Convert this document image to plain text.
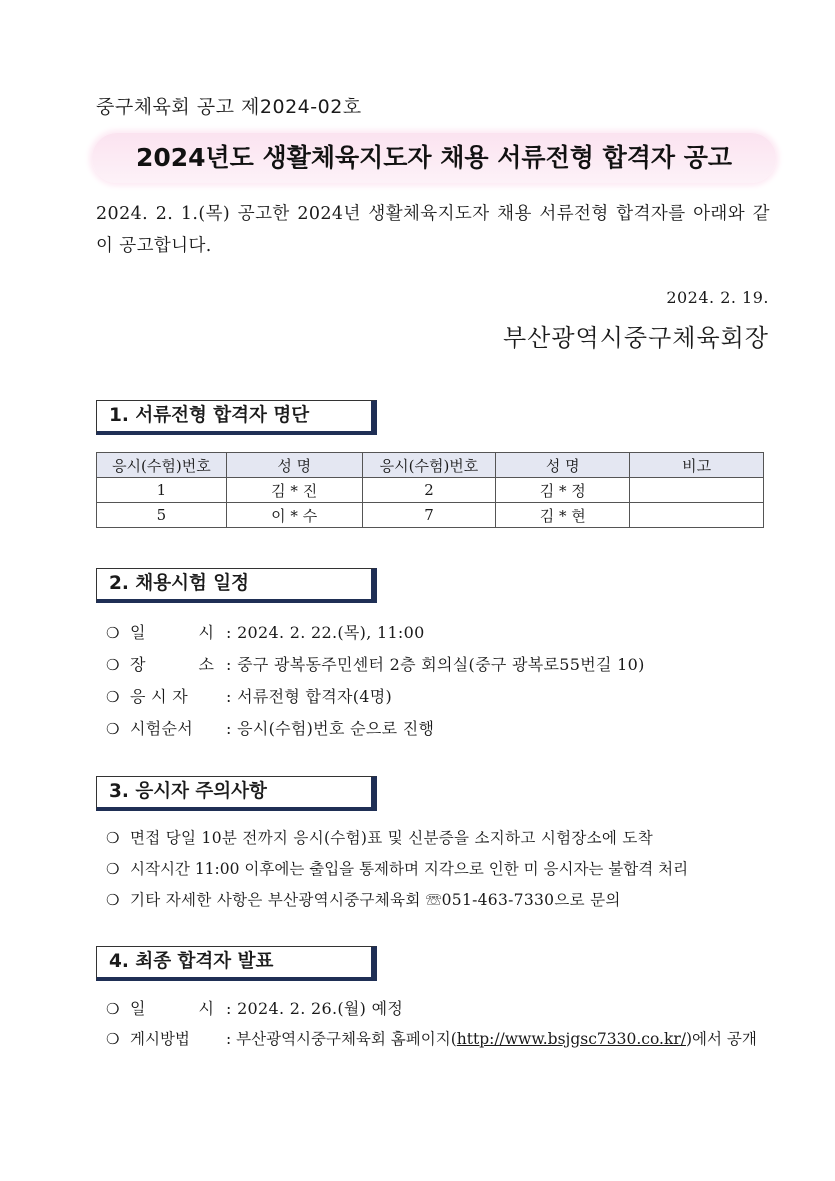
중구체육회 공고 제2024-02호
2024년도 생활체육지도자 채용 서류전형 합격자 공고
2024. 2. 1.(목) 공고한 2024년 생활체육지도자 채용 서류전형 합격자를 아래와 같이 공고합니다.
2024. 2. 19.
부산광역시중구체육회장
1. 서류전형 합격자 명단
응시(수험)번호	성 명	응시(수험)번호	성 명	비고
1	김 * 진	2	김 * 정	
5	이 * 수	7	김 * 현	
2. 채용시험 일정
❍ 일 시: 2024. 2. 22.(목), 11:00
❍ 장 소: 중구 광복동주민센터 2층 회의실(중구 광복로55번길 10)
❍ 응 시 자 : 서류전형 합격자(4명)
❍ 시험순서 : 응시(수험)번호 순으로 진행
3. 응시자 주의사항
❍ 면접 당일 10분 전까지 응시(수험)표 및 신분증을 소지하고 시험장소에 도착
❍ 시작시간 11:00 이후에는 출입을 통제하며 지각으로 인한 미 응시자는 불합격 처리
❍ 기타 자세한 사항은 부산광역시중구체육회 ☏051-463-7330으로 문의
4. 최종 합격자 발표
❍ 일 시: 2024. 2. 26.(월) 예정
❍ 게시방법 : 부산광역시중구체육회 홈페이지(http://www.bsjgsc7330.co.kr/)에서 공개
